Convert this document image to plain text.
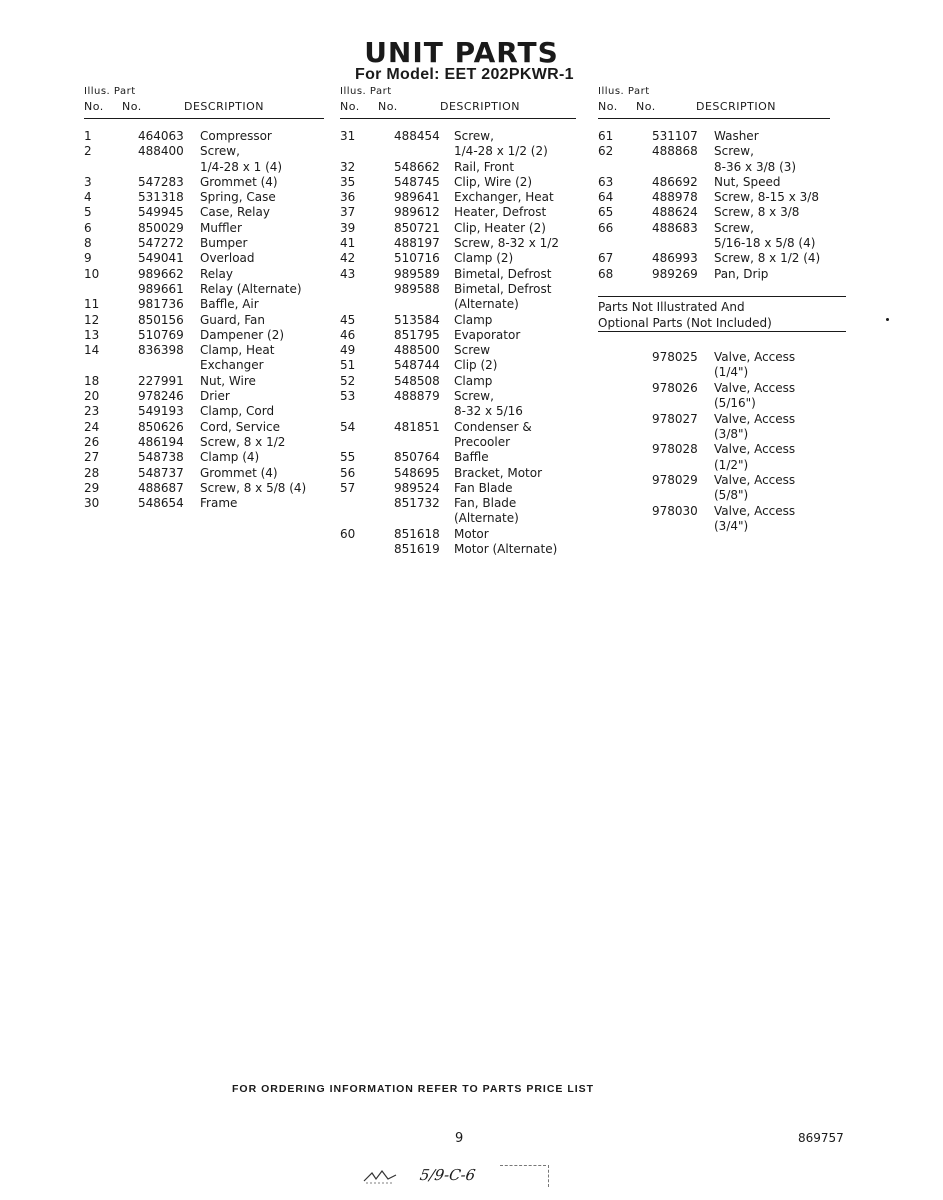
UNIT PARTS
For Model: EET 202PKWR-1
Illus. Part
No. No.	DESCRIPTION
1	464063 Compressor
2	488400 Screw,
1/4-28 x 1 (4)
3	547283 Grommet (4)
4	531318 Spring, Case
5	549945 Case, Relay
6	850029 Muffler
8	547272 Bumper
9	549041 Overload
10	989662 Relay
989661 Relay (Alternate)
11	981736 Baffle, Air
12	850156 Guard, Fan
13	510769 Dampener (2)
14	836398 Clamp, Heat
Exchanger
18	227991 Nut, Wire
20	978246 Drier
23	549193 Clamp, Cord
24	850626 Cord, Service
26	486194 Screw, 8 x 1/2
27	548738 Clamp (4)
28	548737 Grommet (4)
29	488687 Screw, 8 x 5/8 (4)
30	548654 Frame
Illus. Part
No. No.	DESCRIPTION
31	488454 Screw,
1/4-28 x 1/2 (2)
32	548662 Rail, Front
35	548745 Clip, Wire (2)
36	989641 Exchanger, Heat
37	989612 Heater, Defrost
39	850721 Clip, Heater (2)
41	488197 Screw, 8-32 x 1/2
42	510716 Clamp (2)
43	989589 Bimetal, Defrost
989588 Bimetal, Defrost
(Alternate)
45	513584 Clamp
46	851795 Evaporator
49	488500 Screw
51	548744 Clip (2)
52	548508 Clamp
53	488879 Screw,
8-32 x 5/16
54	481851 Condenser &
Precooler
55	850764 Baffle
56	548695 Bracket, Motor
57	989524 Fan Blade
851732 Fan, Blade
(Alternate)
60	851618 Motor
851619 Motor (Alternate)
Illus. Part
No. No.	DESCRIPTION
61	531107 Washer
62	488868 Screw,
8-36 x 3/8 (3)
63	486692 Nut, Speed
64	488978 Screw, 8-15 x 3/8
65	488624 Screw, 8 x 3/8
66	488683 Screw,
5/16-18 x 5/8 (4)
67	486993 Screw, 8 x 1/2 (4)
68	989269 Pan, Drip
Parts Not Illustrated And
Optional Parts (Not Included)
978025 Valve, Access
(1/4")
978026 Valve, Access
(5/16")
978027 Valve, Access
(3/8")
978028 Valve, Access
(1/2")
978029 Valve, Access
(5/8")
978030 Valve, Access
(3/4")
FOR ORDERING INFORMATION REFER TO PARTS PRICE LIST
9	869757
5/9-C-6
